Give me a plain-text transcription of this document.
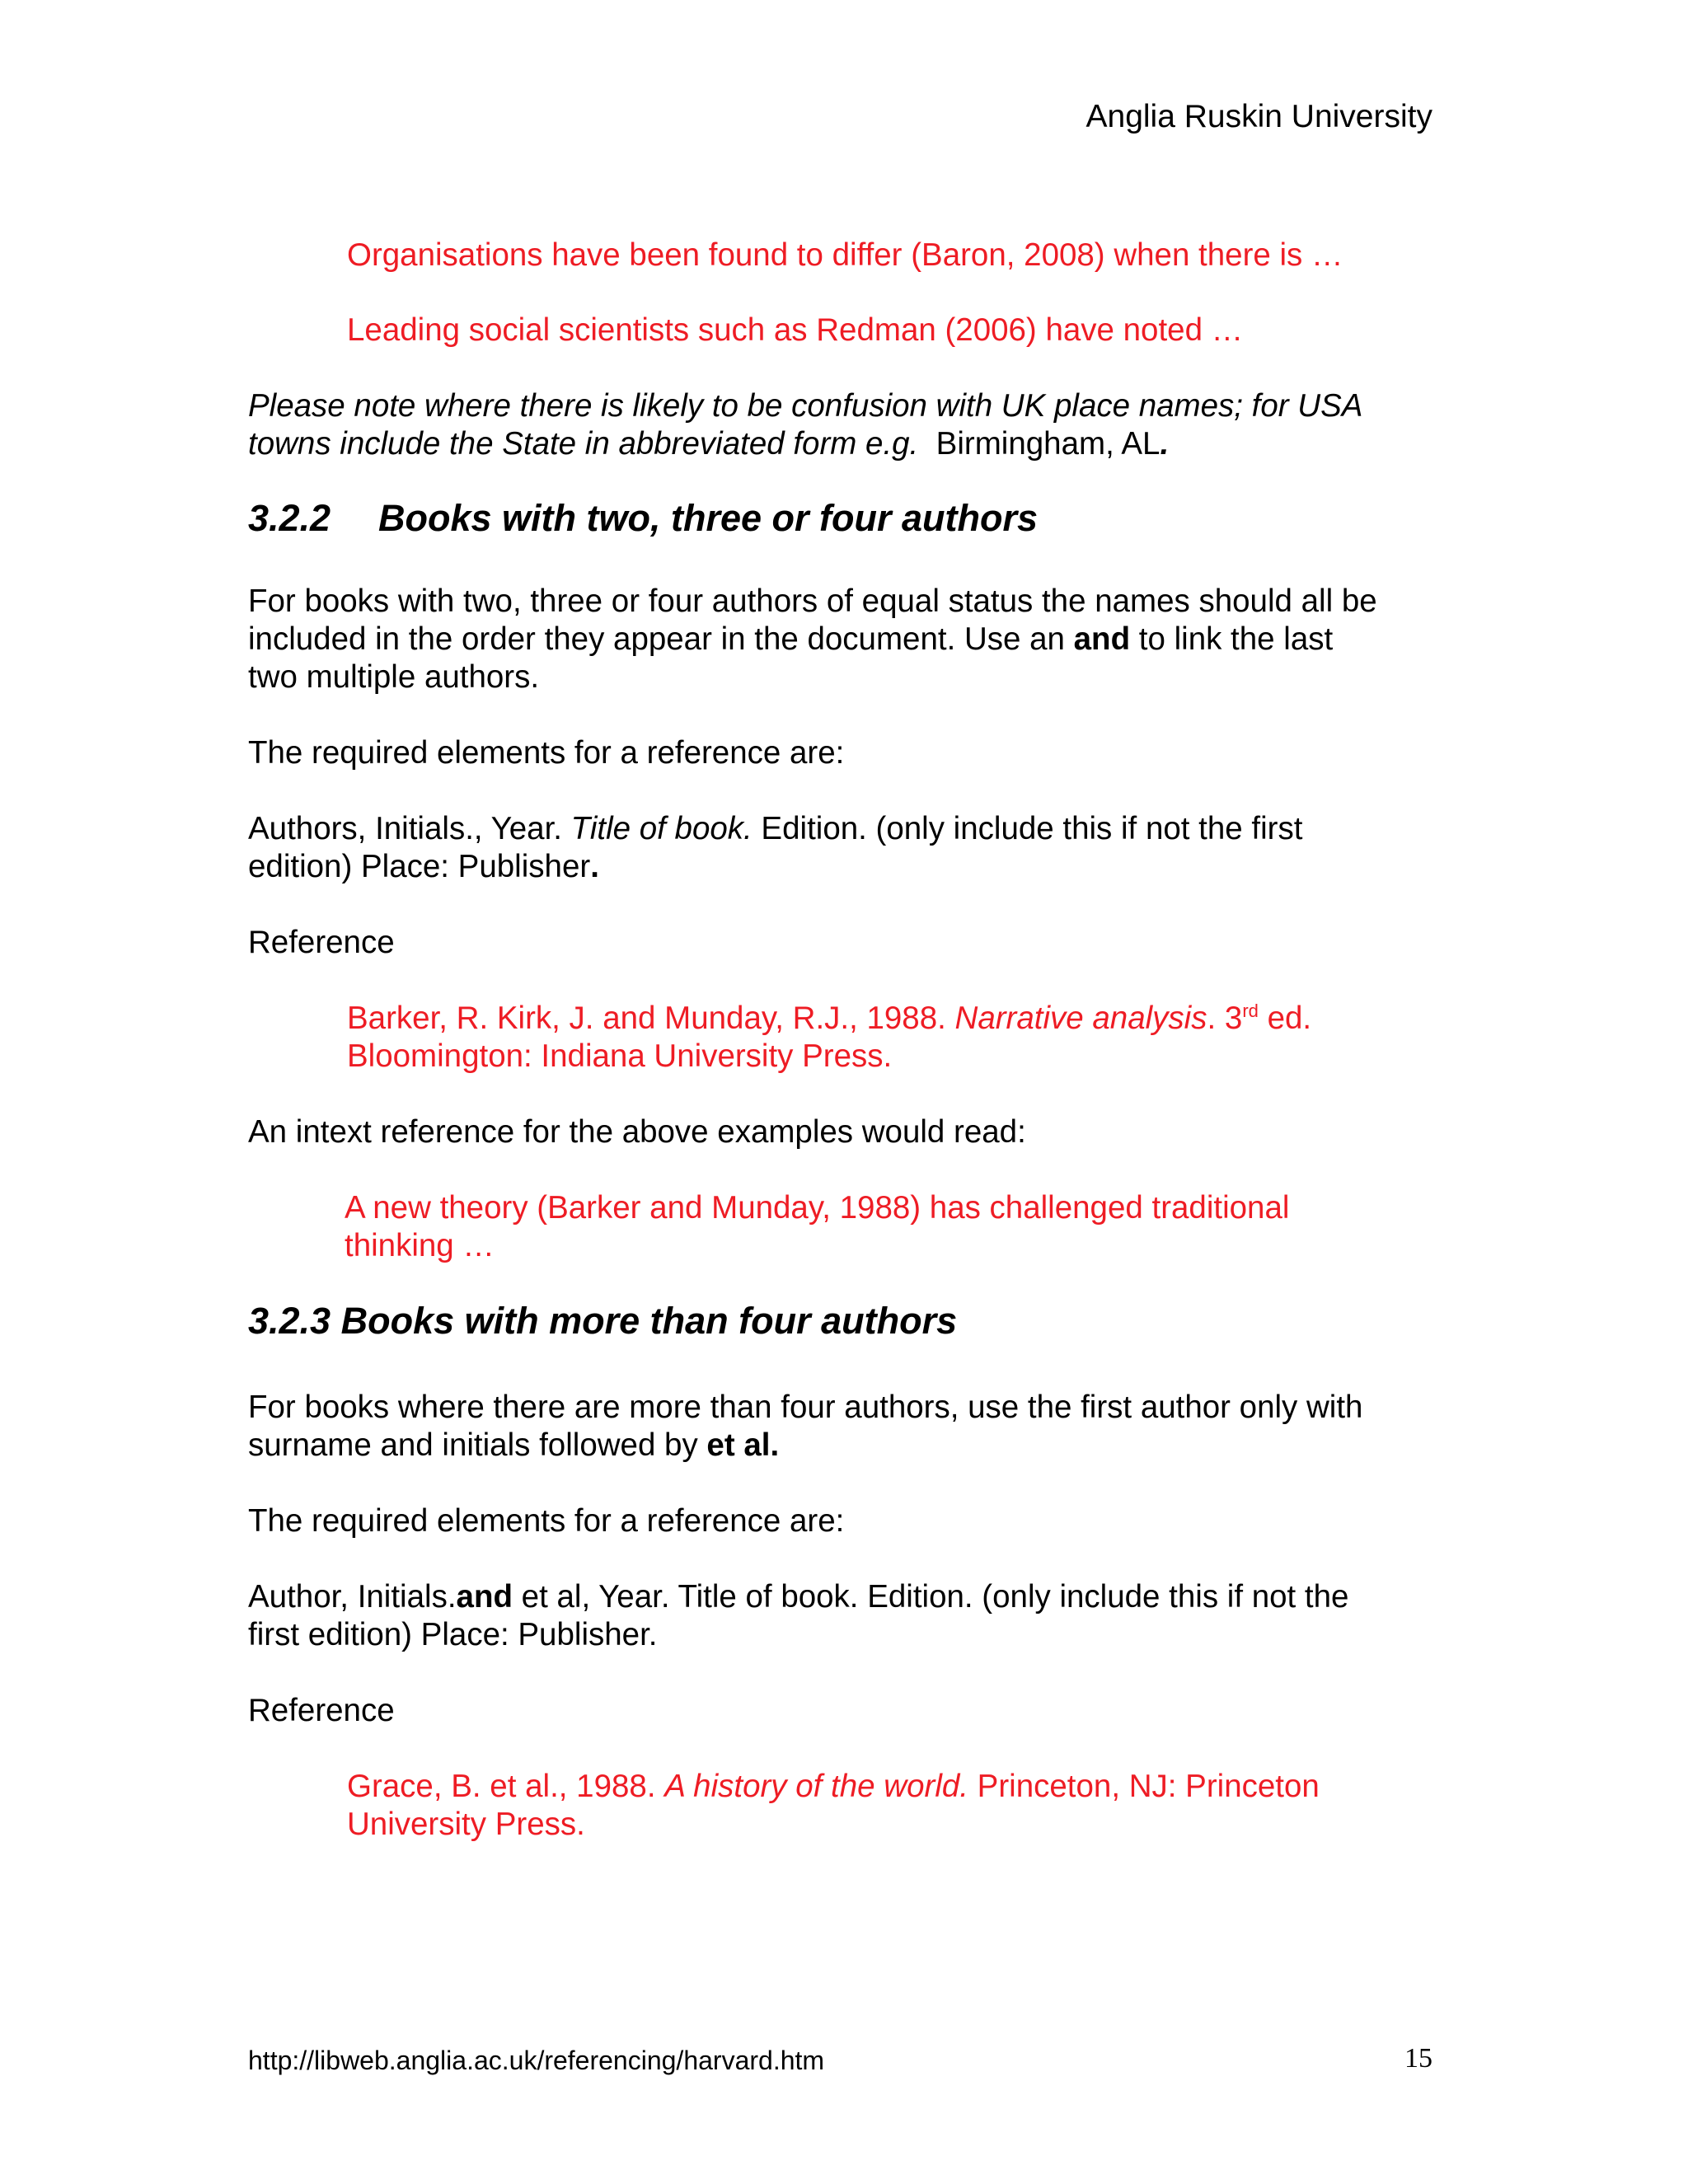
Anglia Ruskin University

Organisations have been found to differ (Baron, 2008) when there is …

Leading social scientists such as Redman (2006) have noted …

Please note where there is likely to be confusion with UK place names; for USA

towns include the State in abbreviated form e.g. Birmingham, AL.

3.2.2 Books with two, three or four authors

For books with two, three or four authors of equal status the names should all be

included in the order they appear in the document. Use an and to link the last

two multiple authors.

The required elements for a reference are:

Authors, Initials., Year. Title of book. Edition. (only include this if not the first

edition) Place: Publisher.

Reference

Barker, R. Kirk, J. and Munday, R.J., 1988. Narrative analysis. 3rd ed.

Bloomington: Indiana University Press.

An intext reference for the above examples would read:

A new theory (Barker and Munday, 1988) has challenged traditional

thinking …

3.2.3 Books with more than four authors

For books where there are more than four authors, use the first author only with

surname and initials followed by et al.

The required elements for a reference are:

Author, Initials.and et al, Year. Title of book. Edition. (only include this if not the

first edition) Place: Publisher.

Reference

Grace, B. et al., 1988. A history of the world. Princeton, NJ: Princeton

University Press.

http://libweb.anglia.ac.uk/referencing/harvard.htm	15
